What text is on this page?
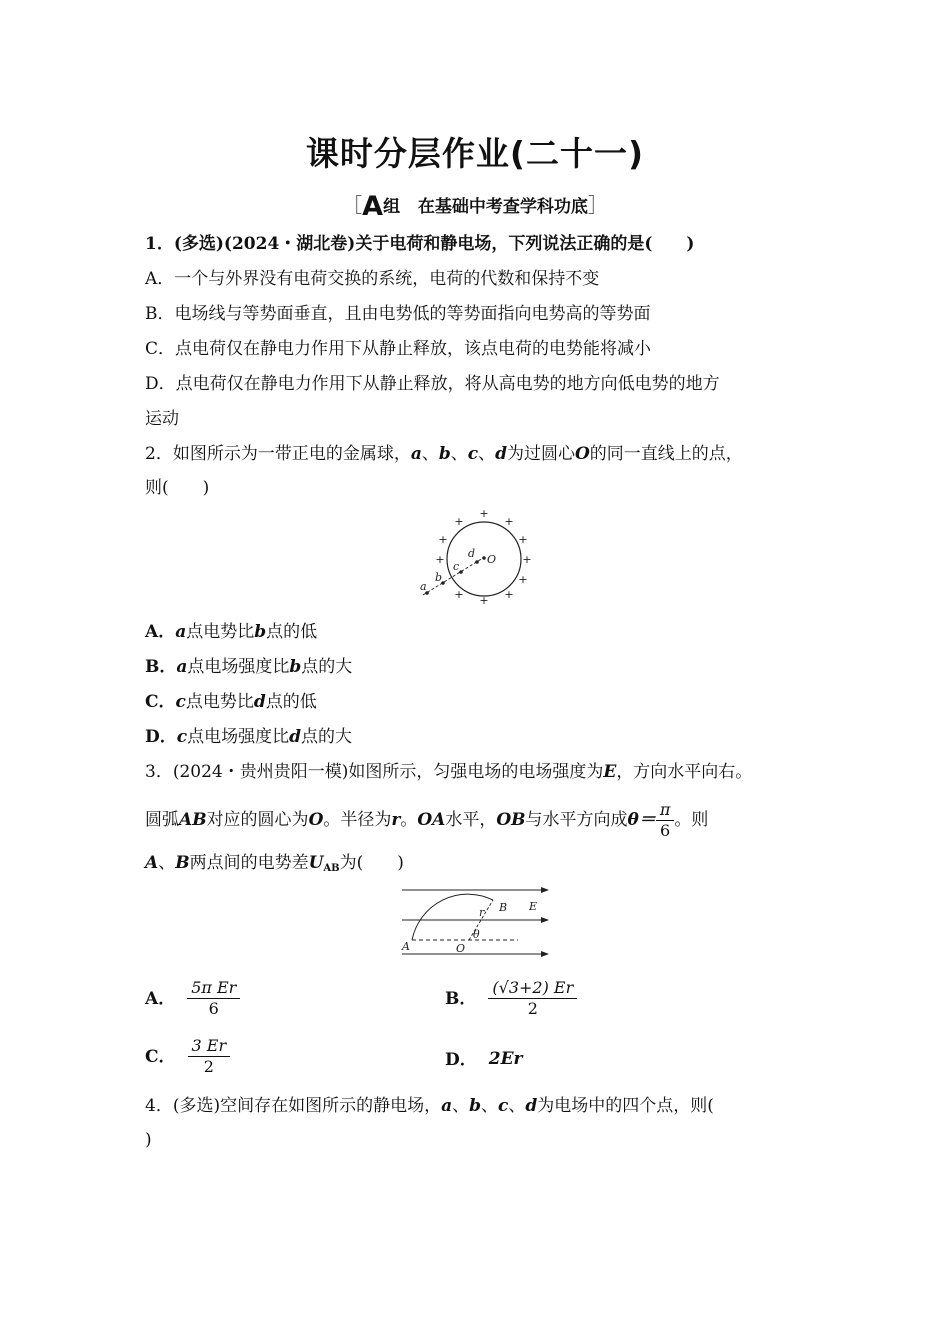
课时分层作业(二十一)
［A组 在基础中考查学科功底］
1．(多选)(2024・湖北卷)关于电荷和静电场，下列说法正确的是(　　)
A．一个与外界没有电荷交换的系统，电荷的代数和保持不变
B．电场线与等势面垂直，且由电势低的等势面指向电势高的等势面
C．点电荷仅在静电力作用下从静止释放，该点电荷的电势能将减小
D．点电荷仅在静电力作用下从静止释放，将从高电势的地方向低电势的地方
运动
2．如图所示为一带正电的金属球，a、b、c、d为过圆心O的同一直线上的点，
则(　　)
+
+
+
+
+
+
+
+
+
+
+
a
b
c
d O
A．a点电势比b点的低
B．a点电场强度比b点的大
C．c点电势比d点的低
D．c点电场强度比d点的大
3．(2024・贵州贵阳一模)如图所示，匀强电场的电场强度为E，方向水平向右。
圆弧AB对应的圆心为O。半径为r。OA水平，OB与水平方向成$\theta= \frac{\pi}{6}$ 。则
A、B两点间的电势差$U_{AB}$为(　　)
A	O
B E
r
θ
A． $\frac{\text{5π Er}}{6}$	B． $\frac{(√3+2) Er}{2}$
C． $\frac{3 Er}{2}$	D． 2Er
4．(多选)空间存在如图所示的静电场，a、b、c、d为电场中的四个点，则(
)
